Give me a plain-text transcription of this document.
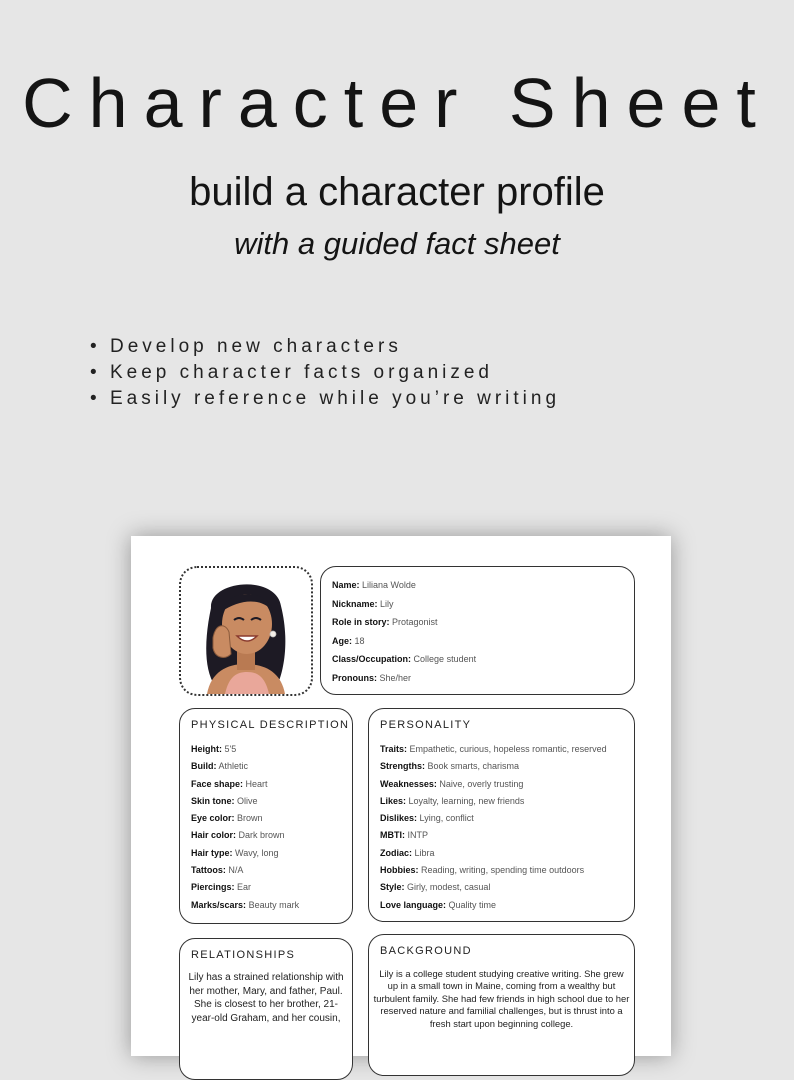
Character Sheet
build a character profile
with a guided fact sheet
• Develop new characters
• Keep character facts organized
• Easily reference while you’re writing
Name: Liliana Wolde
Nickname: Lily
Role in story: Protagonist
Age: 18
Class/Occupation: College student
Pronouns: She/her
PHYSICAL DESCRIPTION
Height: 5'5
Build: Athletic
Face shape: Heart
Skin tone: Olive
Eye color: Brown
Hair color: Dark brown
Hair type: Wavy, long
Tattoos: N/A
Piercings: Ear
Marks/scars: Beauty mark
PERSONALITY
Traits: Empathetic, curious, hopeless romantic, reserved
Strengths: Book smarts, charisma
Weaknesses: Naive, overly trusting
Likes: Loyalty, learning, new friends
Dislikes: Lying, conflict
MBTI: INTP
Zodiac: Libra
Hobbies: Reading, writing, spending time outdoors
Style: Girly, modest, casual
Love language: Quality time
RELATIONSHIPS

Lily has a strained relationship with her mother, Mary, and father, Paul. She is closest to her brother, 21-year-old Graham, and her cousin,

BACKGROUND

Lily is a college student studying creative writing. She grew up in a small town in Maine, coming from a wealthy but turbulent family. She had few friends in high school due to her reserved nature and familial challenges, but is thrust into a fresh start upon beginning college.
